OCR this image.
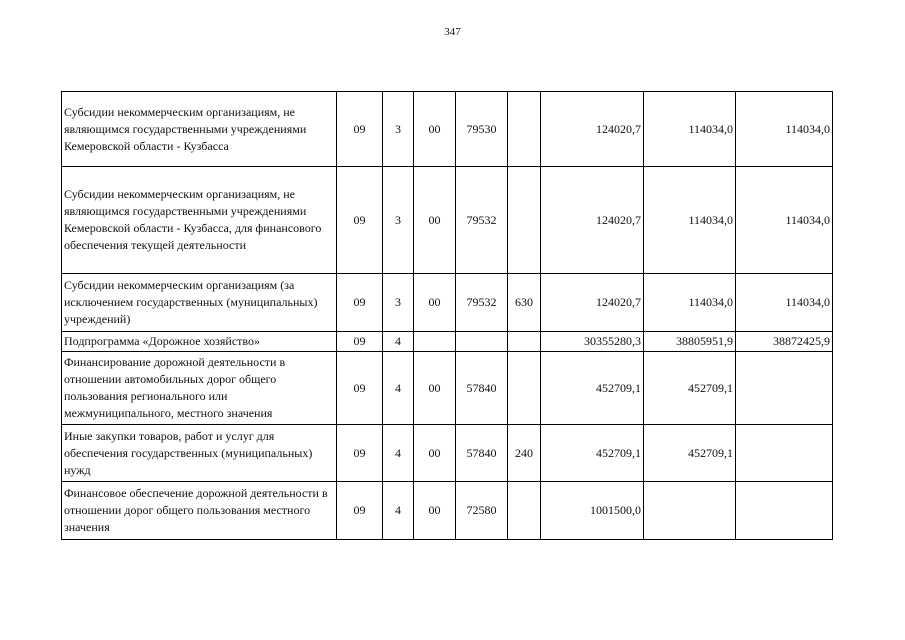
347
Субсидии некоммерческим организациям, не являющимся государственными учреждениями Кемеровской области - Кузбасса	09	3	00	79530		124020,7	114034,0	114034,0
Субсидии некоммерческим организациям, не являющимся государственными учреждениями Кемеровской области - Кузбасса, для финансового обеспечения текущей деятельности	09	3	00	79532		124020,7	114034,0	114034,0
Субсидии некоммерческим организациям (за исключением государственных (муниципальных) учреждений)	09	3	00	79532	630	124020,7	114034,0	114034,0
Подпрограмма «Дорожное хозяйство»	09	4				30355280,3	38805951,9	38872425,9
Финансирование дорожной деятельности в отношении автомобильных дорог общего пользования регионального или межмуниципального, местного значения	09	4	00	57840		452709,1	452709,1	
Иные закупки товаров, работ и услуг для обеспечения государственных (муниципальных) нужд	09	4	00	57840	240	452709,1	452709,1	
Финансовое обеспечение дорожной деятельности в отношении дорог общего пользования местного значения	09	4	00	72580		1001500,0		
